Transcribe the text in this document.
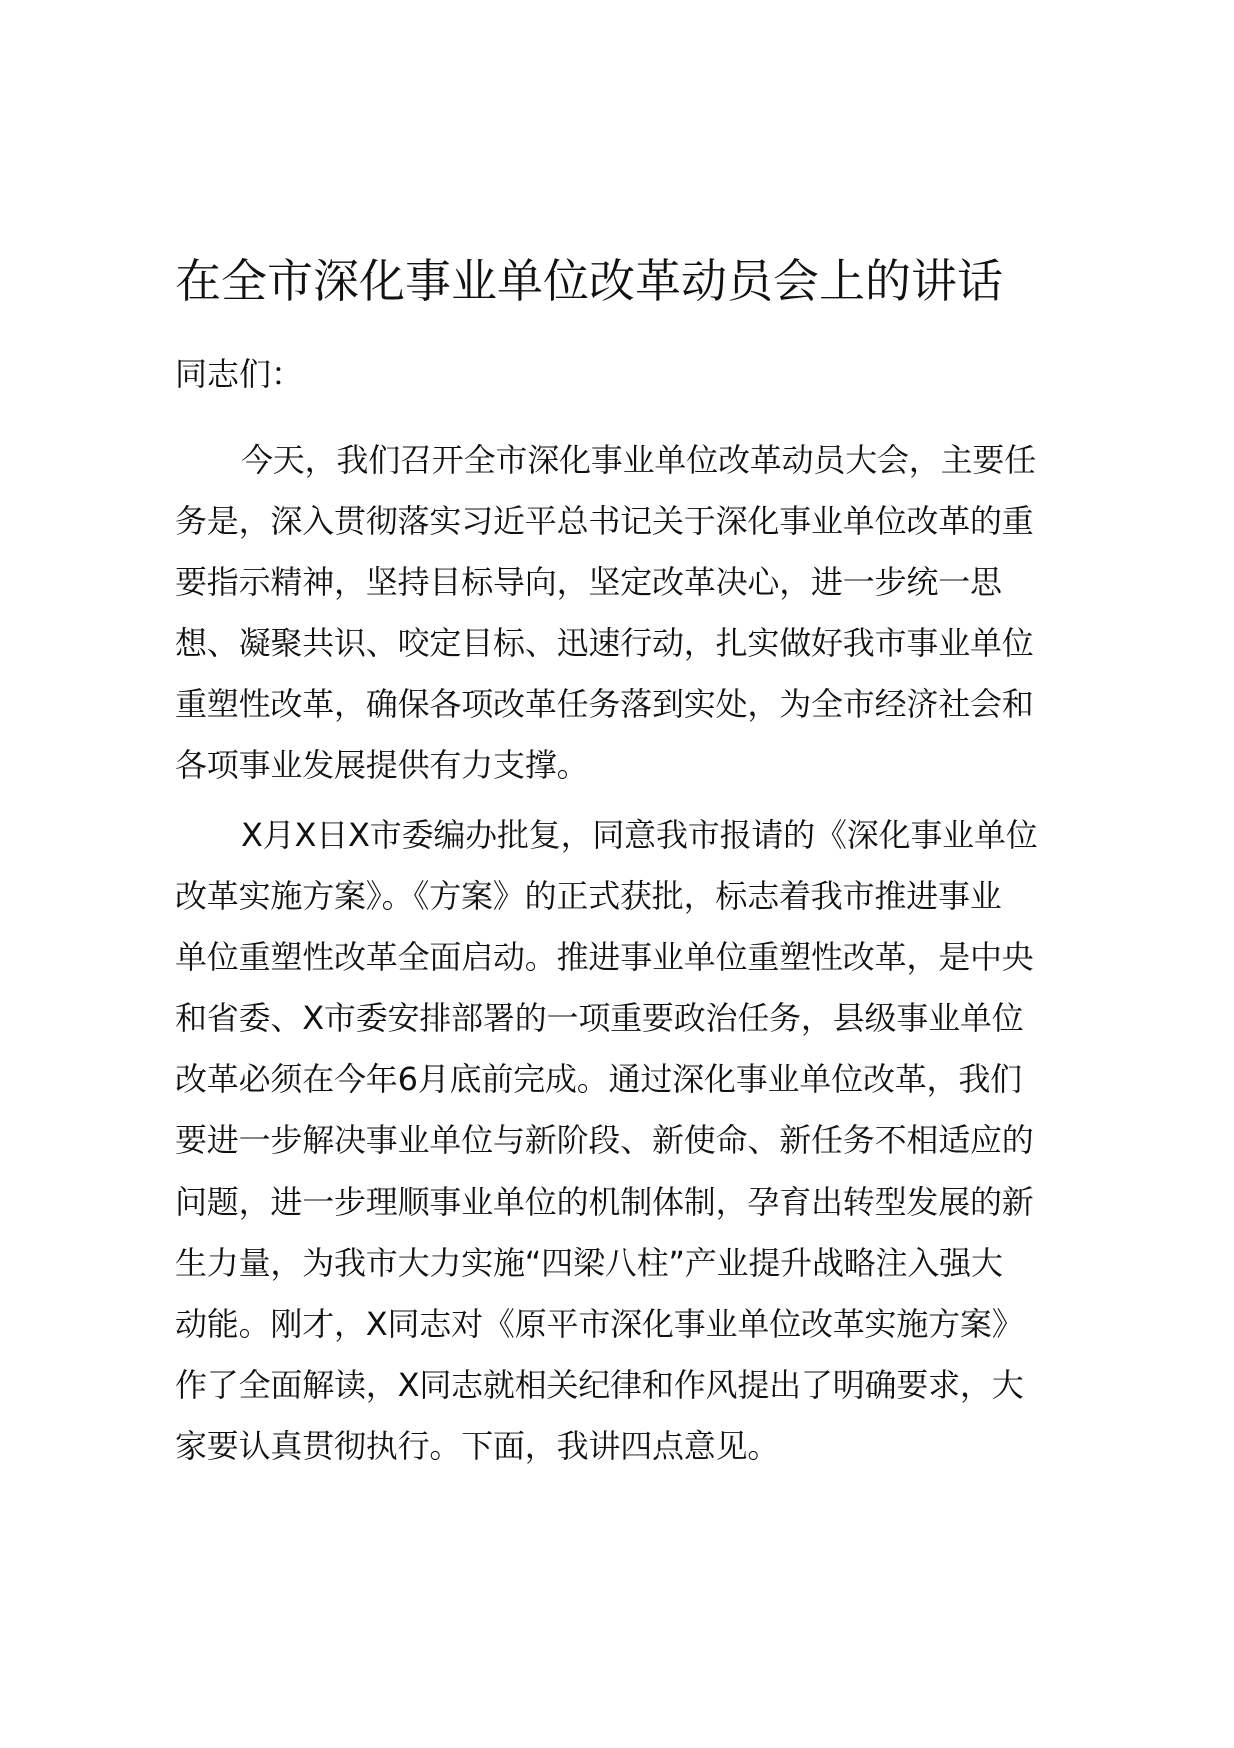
在全市深化事业单位改革动员会上的讲话

同志们：

今天，我们召开全市深化事业单位改革动员大会，主要任
务是，深入贯彻落实习近平总书记关于深化事业单位改革的重
要指示精神，坚持目标导向，坚定改革决心，进一步统一思
想、凝聚共识、咬定目标、迅速行动，扎实做好我市事业单位
重塑性改革，确保各项改革任务落到实处，为全市经济社会和
各项事业发展提供有力支撑。
X月X日X市委编办批复，同意我市报请的《深化事业单位
改革实施方案》。《方案》的正式获批，标志着我市推进事业
单位重塑性改革全面启动。推进事业单位重塑性改革，是中央
和省委、X市委安排部署的一项重要政治任务，县级事业单位
改革必须在今年6月底前完成。通过深化事业单位改革，我们
要进一步解决事业单位与新阶段、新使命、新任务不相适应的
问题，进一步理顺事业单位的机制体制，孕育出转型发展的新
生力量，为我市大力实施“四梁八柱”产业提升战略注入强大
动能。刚才，X同志对《原平市深化事业单位改革实施方案》
作了全面解读，X同志就相关纪律和作风提出了明确要求，大
家要认真贯彻执行。下面，我讲四点意见。
